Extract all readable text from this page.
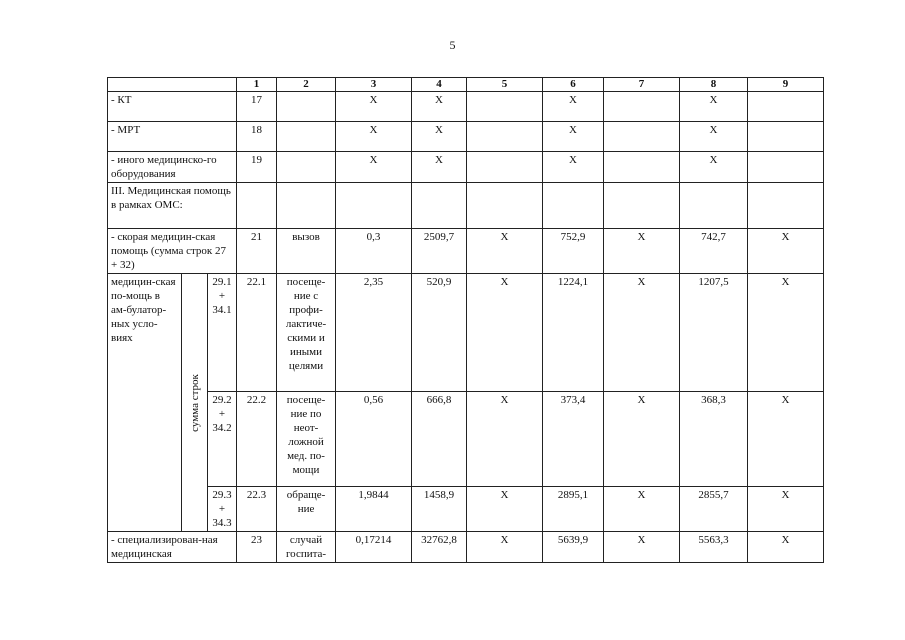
5
			1	2	3	4	5	6	7	8	9
- КТ			17		Х	Х		Х		Х	
- МРТ			18		Х	Х		Х		Х	
- иного медицинско-го оборудования			19		Х	Х		Х		Х	
III. Медицинская помощь в рамках ОМС:											
- скорая медицин-ская помощь (сумма строк 27 + 32)			21	вызов	0,3	2509,7	Х	752,9	Х	742,7	Х
медицин-ская по-мощь в ам-булатор-ных усло-виях	сумма строк	29.1 + 34.1	22.1	посеще-ние с профи-лактиче-скими и иными целями	2,35	520,9	Х	1224,1	Х	1207,5	Х
		29.2 + 34.2	22.2	посеще-ние по неот-ложной мед. по-мощи	0,56	666,8	Х	373,4	Х	368,3	Х
		29.3 + 34.3	22.3	обраще-ние	1,9844	1458,9	Х	2895,1	Х	2855,7	Х
- специализирован-ная медицинская			23	случай госпита-	0,17214	32762,8	Х	5639,9	Х	5563,3	Х
